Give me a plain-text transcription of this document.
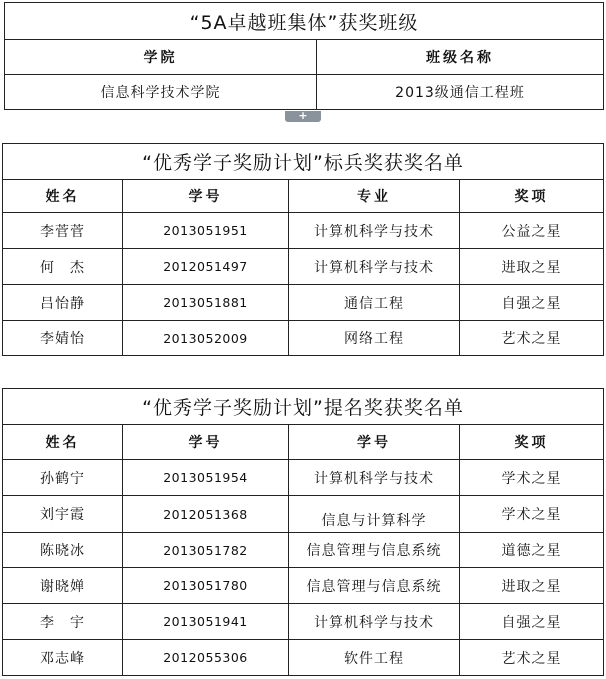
“5A卓越班集体”获奖班级	
学院	班级名称
信息科学技术学院	2013级通信工程班
+
“优秀学子奖励计划”标兵奖获奖名单			
姓名	学号	专业	奖项
李菅菅	2013051951	计算机科学与技术	公益之星
何　杰	2012051497	计算机科学与技术	进取之星
吕怡静	2013051881	通信工程	自强之星
李婧怡	2013052009	网络工程	艺术之星
“优秀学子奖励计划”提名奖获奖名单			
姓名	学号	学号	奖项
孙鹤宁	2013051954	计算机科学与技术	学术之星
刘宇霞	2012051368	信息与计算科学	学术之星
陈晓冰	2013051782	信息管理与信息系统	道德之星
谢晓婵	2013051780	信息管理与信息系统	进取之星
李　宇	2013051941	计算机科学与技术	自强之星
邓志峰	2012055306	软件工程	艺术之星
